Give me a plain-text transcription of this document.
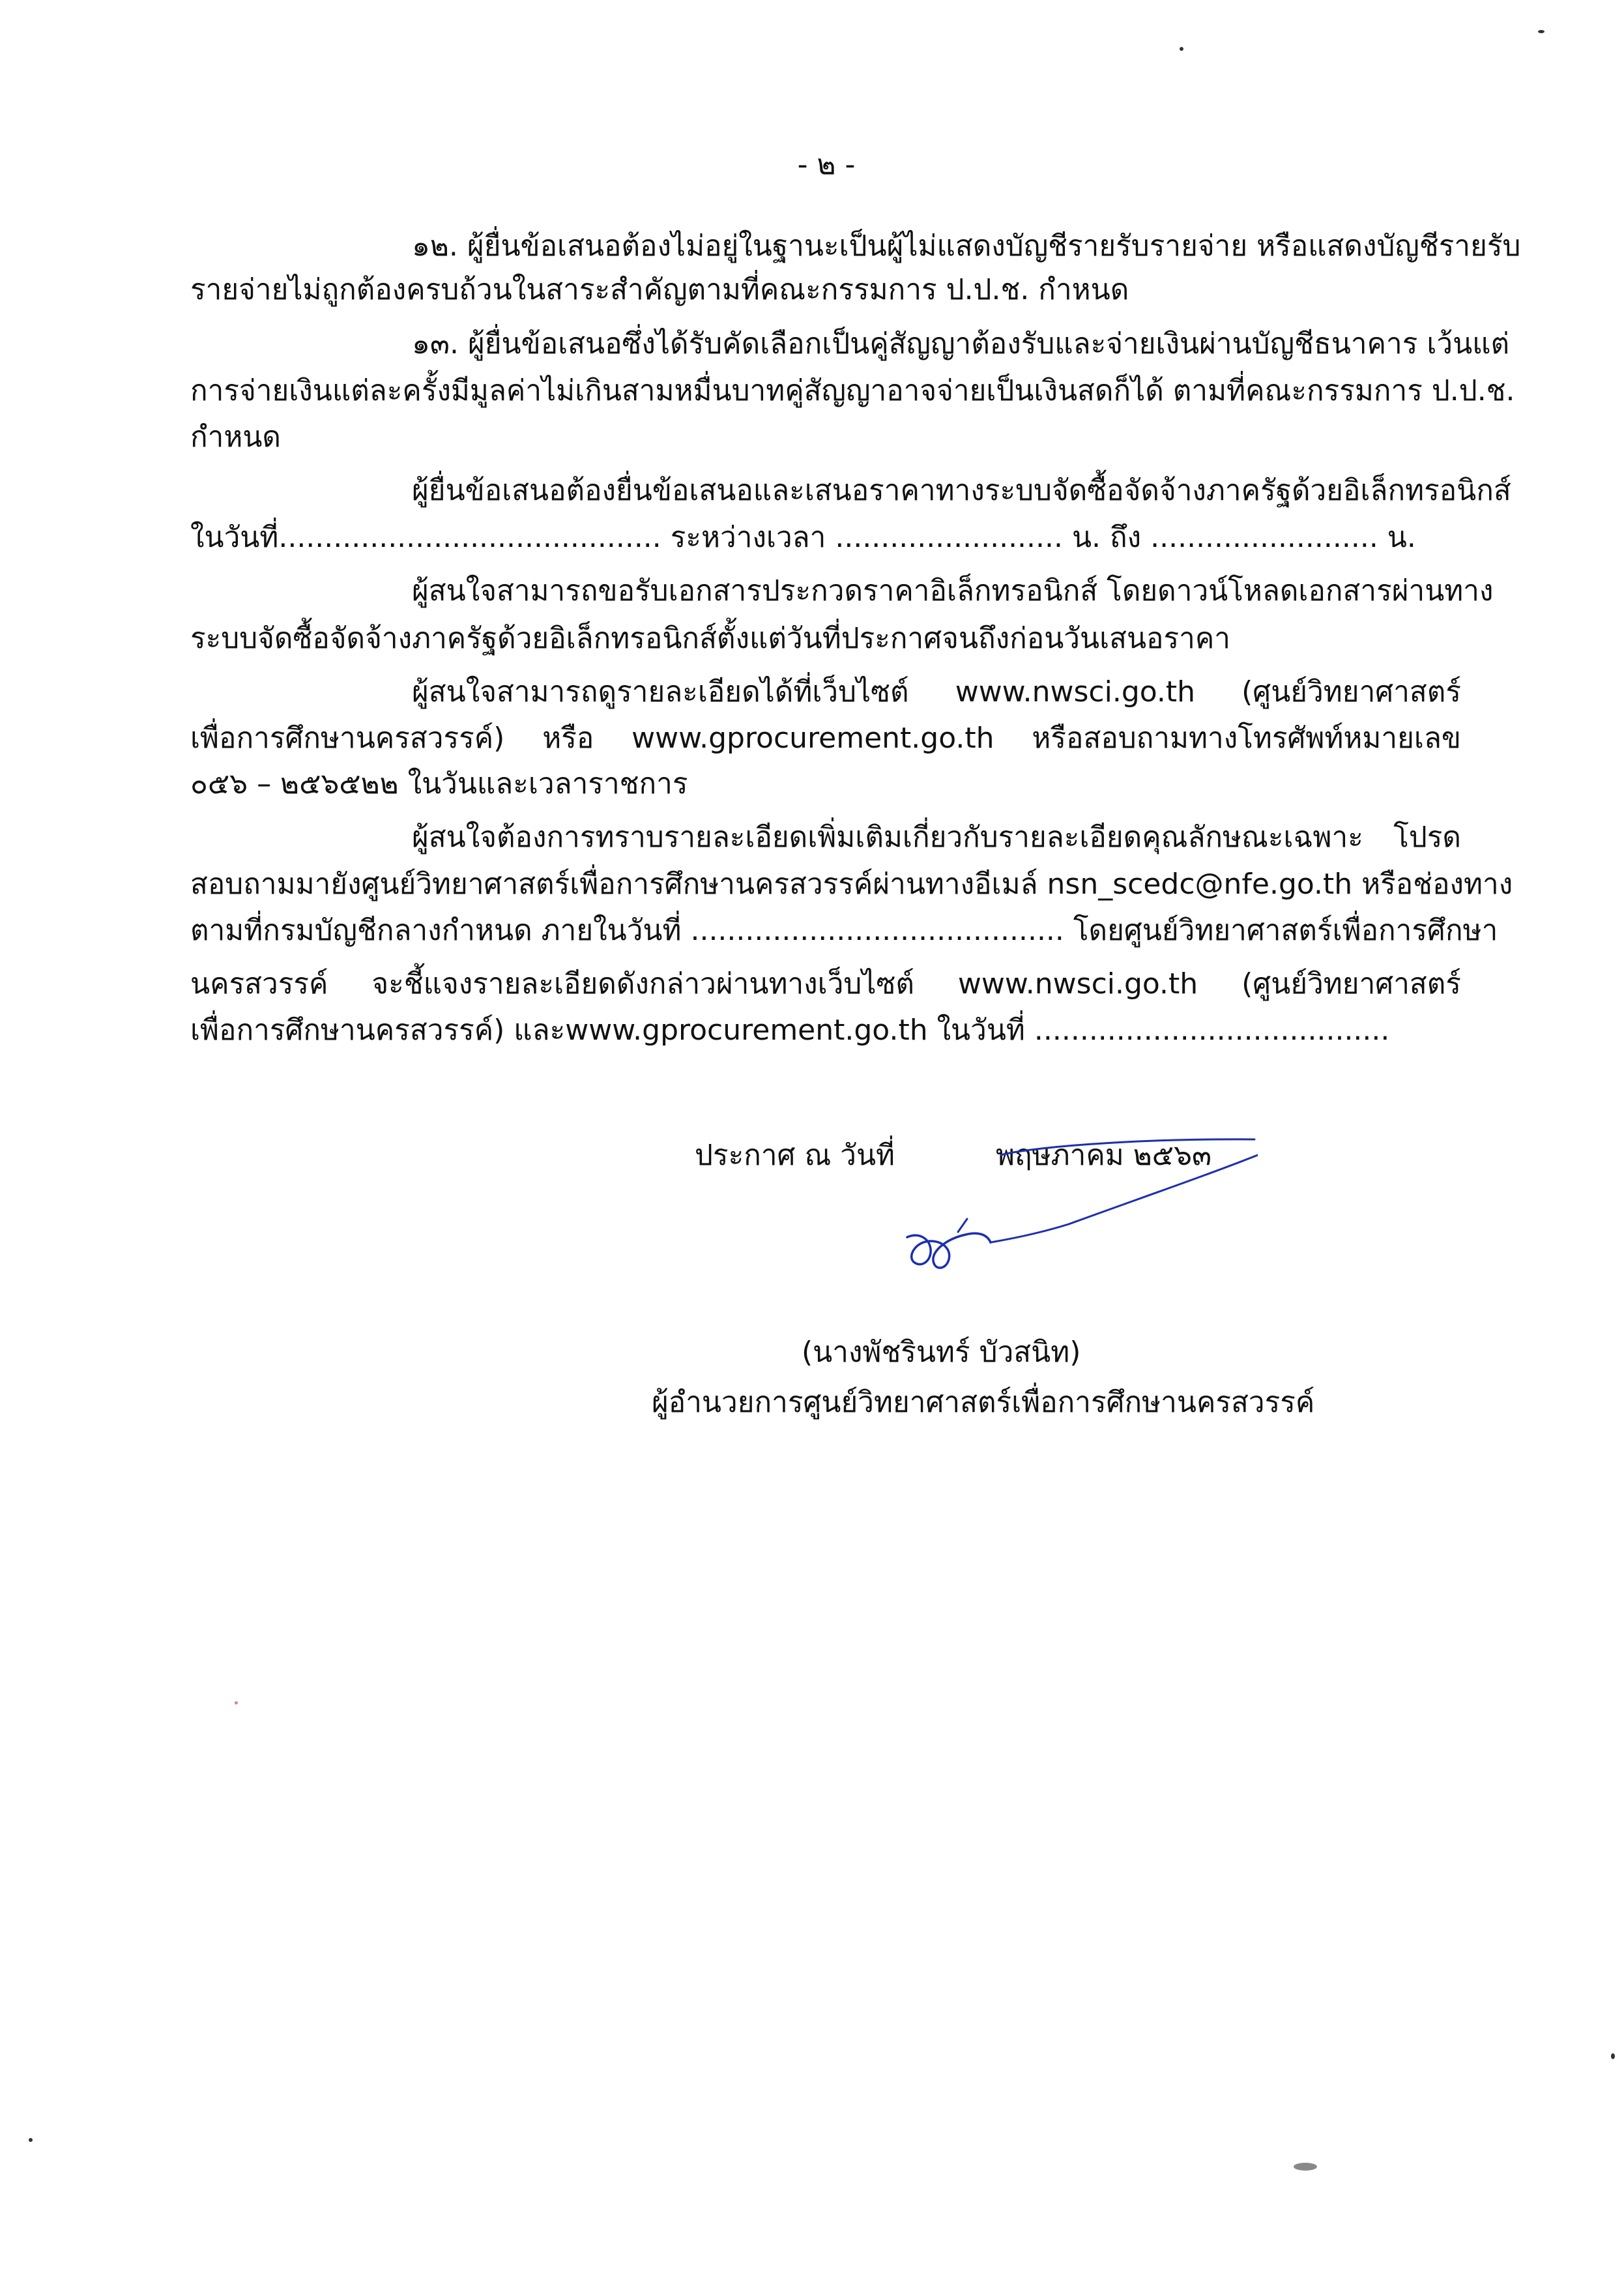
- ๒ -
๑๒. ผู้ยื่นข้อเสนอต้องไม่อยู่ในฐานะเป็นผู้ไม่แสดงบัญชีรายรับรายจ่าย หรือแสดงบัญชีรายรับ
รายจ่ายไม่ถูกต้องครบถ้วนในสาระสำคัญตามที่คณะกรรมการ ป.ป.ช. กำหนด
๑๓. ผู้ยื่นข้อเสนอซึ่งได้รับคัดเลือกเป็นคู่สัญญาต้องรับและจ่ายเงินผ่านบัญชีธนาคาร เว้นแต่
การจ่ายเงินแต่ละครั้งมีมูลค่าไม่เกินสามหมื่นบาทคู่สัญญาอาจจ่ายเป็นเงินสดก็ได้ ตามที่คณะกรรมการ ป.ป.ช.
กำหนด
ผู้ยื่นข้อเสนอต้องยื่นข้อเสนอและเสนอราคาทางระบบจัดซื้อจัดจ้างภาครัฐด้วยอิเล็กทรอนิกส์
ในวันที่.......................................... ระหว่างเวลา ......................... น. ถึง ......................... น.
ผู้สนใจสามารถขอรับเอกสารประกวดราคาอิเล็กทรอนิกส์ โดยดาวน์โหลดเอกสารผ่านทาง
ระบบจัดซื้อจัดจ้างภาครัฐด้วยอิเล็กทรอนิกส์ตั้งแต่วันที่ประกาศจนถึงก่อนวันเสนอราคา
ผู้สนใจสามารถดูรายละเอียดได้ที่เว็บไซต์ www.nwsci.go.th (ศูนย์วิทยาศาสตร์
เพื่อการศึกษานครสวรรค์) หรือ www.gprocurement.go.th หรือสอบถามทางโทรศัพท์หมายเลข
๐๕๖ – ๒๕๖๕๒๒ ในวันและเวลาราชการ
ผู้สนใจต้องการทราบรายละเอียดเพิ่มเติมเกี่ยวกับรายละเอียดคุณลักษณะเฉพาะ โปรด
สอบถามมายังศูนย์วิทยาศาสตร์เพื่อการศึกษานครสวรรค์ผ่านทางอีเมล์ nsn_scedc@nfe.go.th หรือช่องทาง
ตามที่กรมบัญชีกลางกำหนด ภายในวันที่ ......................................... โดยศูนย์วิทยาศาสตร์เพื่อการศึกษา
นครสวรรค์ จะชี้แจงรายละเอียดดังกล่าวผ่านทางเว็บไซต์ www.nwsci.go.th (ศูนย์วิทยาศาสตร์
เพื่อการศึกษานครสวรรค์) และwww.gprocurement.go.th ในวันที่ .......................................
ประกาศ ณ วันที่	พฤษภาคม ๒๕๖๓
(นางพัชรินทร์ บัวสนิท)
ผู้อำนวยการศูนย์วิทยาศาสตร์เพื่อการศึกษานครสวรรค์
